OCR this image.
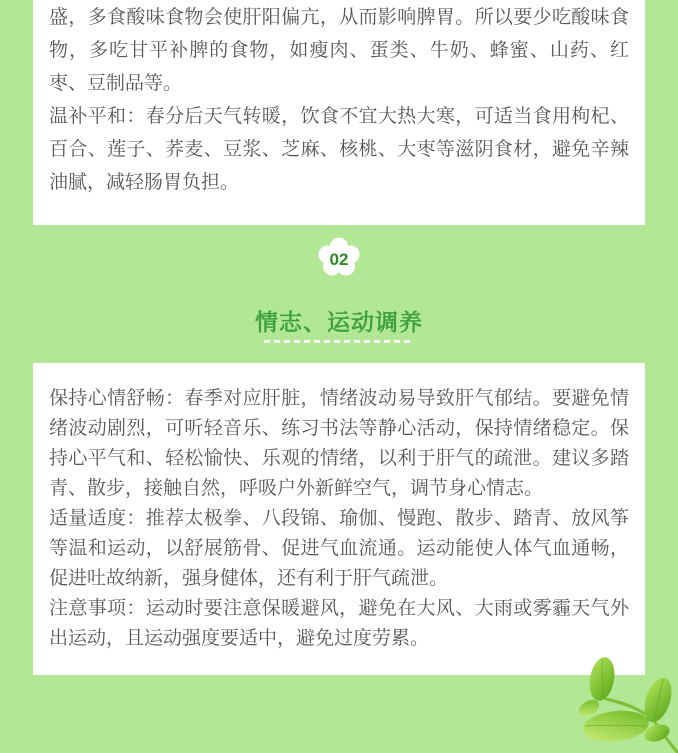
盛，多食酸味食物会使肝阳偏亢，从而影响脾胃。所以要少吃酸味食物，多吃甘平补脾的食物，如瘦肉、蛋类、牛奶、蜂蜜、山药、红枣、豆制品等。

温补平和：春分后天气转暖，饮食不宜大热大寒，可适当食用枸杞、百合、莲子、荞麦、豆浆、芝麻、核桃、大枣等滋阴食材，避免辛辣油腻，减轻肠胃负担。

02
情志、运动调养

保持心情舒畅：春季对应肝脏，情绪波动易导致肝气郁结。要避免情绪波动剧烈，可听轻音乐、练习书法等静心活动，保持情绪稳定。保持心平气和、轻松愉快、乐观的情绪，以利于肝气的疏泄。建议多踏青、散步，接触自然，呼吸户外新鲜空气，调节身心情志。

适量适度：推荐太极拳、八段锦、瑜伽、慢跑、散步、踏青、放风筝等温和运动，以舒展筋骨、促进气血流通。运动能使人体气血通畅，促进吐故纳新，强身健体，还有利于肝气疏泄。

注意事项：运动时要注意保暖避风，避免在大风、大雨或雾霾天气外出运动，且运动强度要适中，避免过度劳累。
